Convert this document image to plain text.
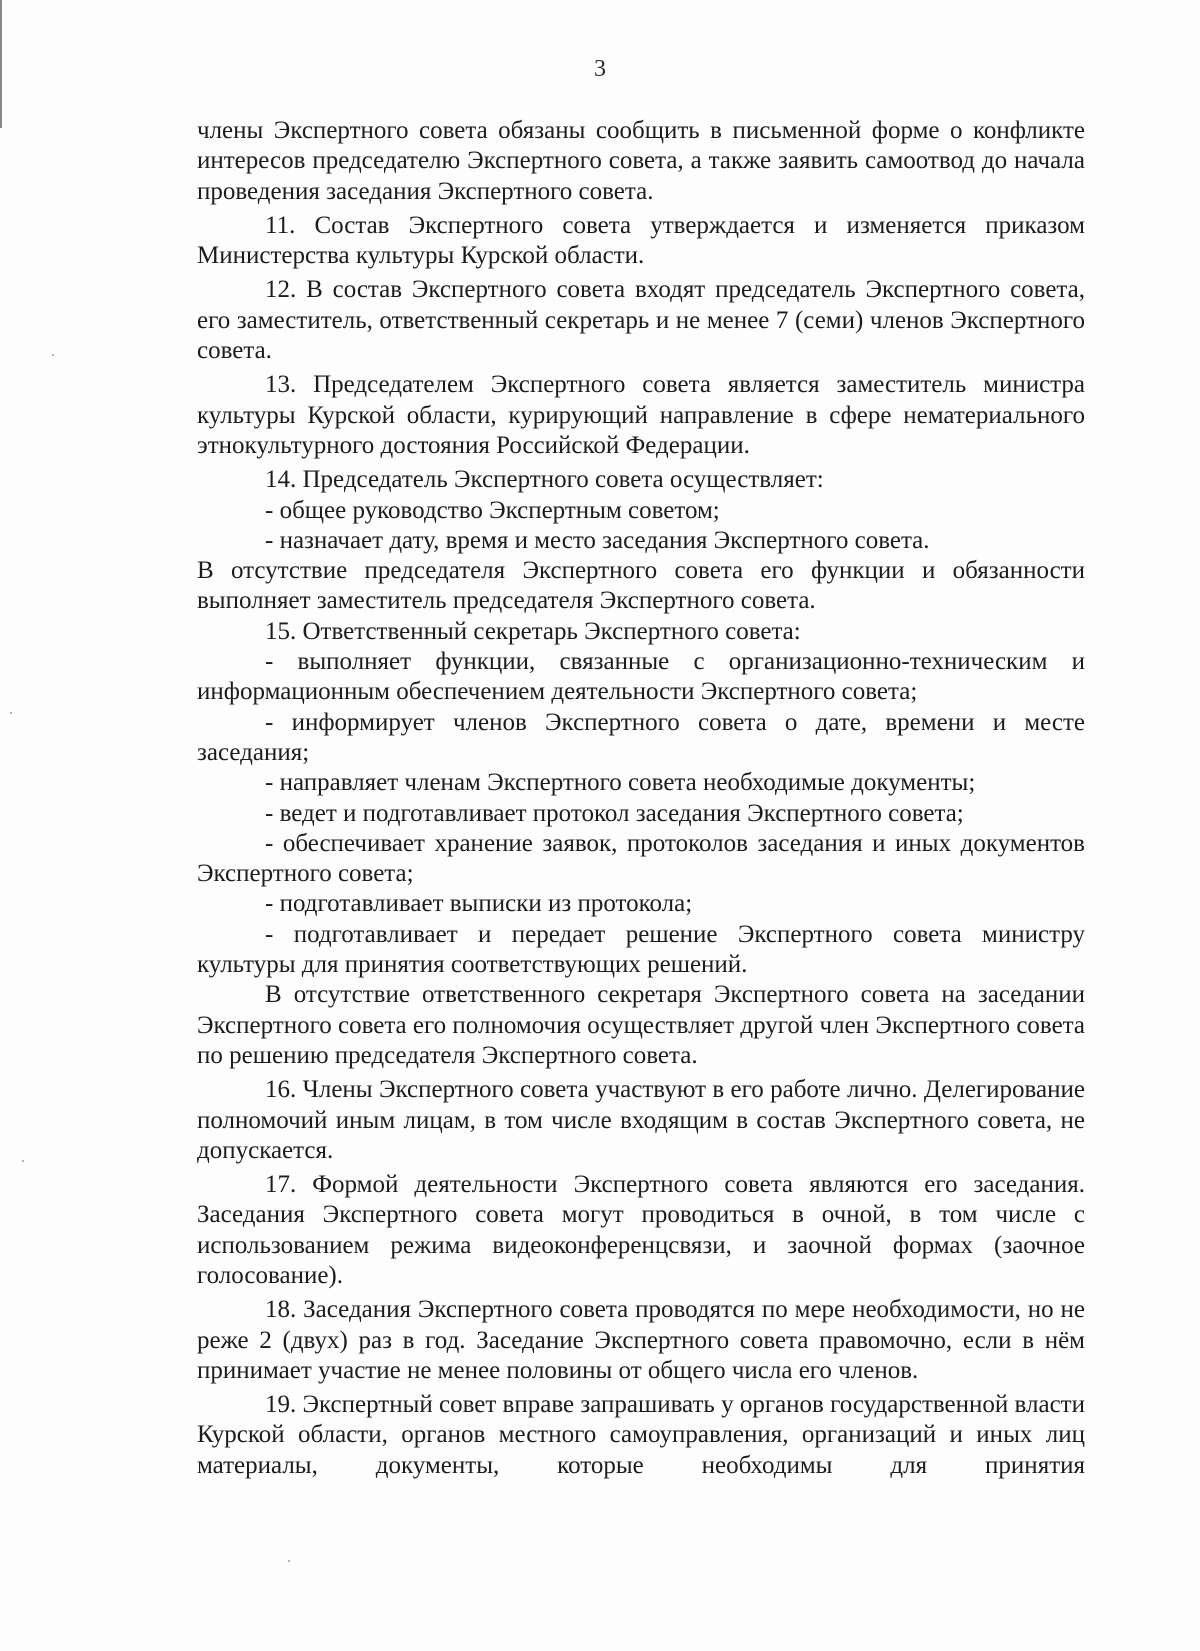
3

члены Экспертного совета обязаны сообщить в письменной форме о конфликте интересов председателю Экспертного совета, а также заявить самоотвод до начала проведения заседания Экспертного совета.

11. Состав Экспертного совета утверждается и изменяется приказом Министерства культуры Курской области.

12. В состав Экспертного совета входят председатель Экспертного совета, его заместитель, ответственный секретарь и не менее 7 (семи) членов Экспертного совета.

13. Председателем Экспертного совета является заместитель министра культуры Курской области, курирующий направление в сфере нематериального этнокультурного достояния Российской Федерации.

14. Председатель Экспертного совета осуществляет:

- общее руководство Экспертным советом;

- назначает дату, время и место заседания Экспертного совета.

В отсутствие председателя Экспертного совета его функции и обязанности выполняет заместитель председателя Экспертного совета.

15. Ответственный секретарь Экспертного совета:

- выполняет функции, связанные с организационно-техническим и информационным обеспечением деятельности Экспертного совета;

- информирует членов Экспертного совета о дате, времени и месте заседания;

- направляет членам Экспертного совета необходимые документы;

- ведет и подготавливает протокол заседания Экспертного совета;

- обеспечивает хранение заявок, протоколов заседания и иных документов Экспертного совета;

- подготавливает выписки из протокола;

- подготавливает и передает решение Экспертного совета министру культуры для принятия соответствующих решений.

В отсутствие ответственного секретаря Экспертного совета на заседании Экспертного совета его полномочия осуществляет другой член Экспертного совета по решению председателя Экспертного совета.

16. Члены Экспертного совета участвуют в его работе лично. Делегирование полномочий иным лицам, в том числе входящим в состав Экспертного совета, не допускается.

17. Формой деятельности Экспертного совета являются его заседания. Заседания Экспертного совета могут проводиться в очной, в том числе с использованием режима видеоконференцсвязи, и заочной формах (заочное голосование).

18. Заседания Экспертного совета проводятся по мере необходимости, но не реже 2 (двух) раз в год. Заседание Экспертного совета правомочно, если в нём принимает участие не менее половины от общего числа его членов.

19. Экспертный совет вправе запрашивать у органов государственной власти Курской области, органов местного самоуправления, организаций и иных лиц материалы, документы, которые необходимы для принятия
